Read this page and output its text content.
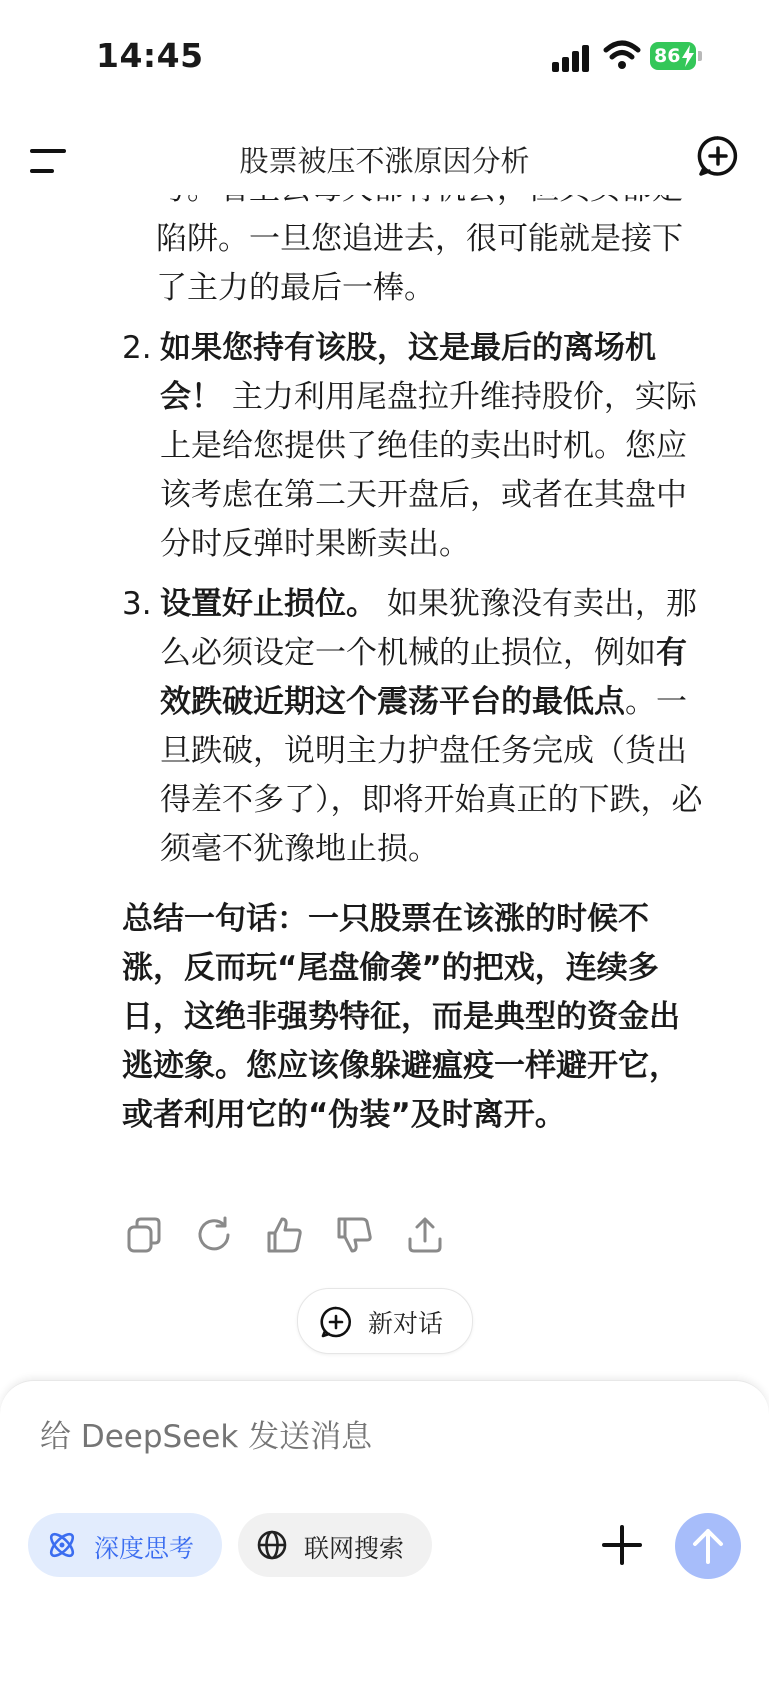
14:45	86
股票被压不涨原因分析
陷阱。一旦您追进去，很可能就是接下
了主力的最后一棒。
2. 如果您持有该股，这是最后的离场机
会！ 主力利用尾盘拉升维持股价，实际
上是给您提供了绝佳的卖出时机。您应
该考虑在第二天开盘后，或者在其盘中
分时反弹时果断卖出。
3. 设置好止损位。 如果犹豫没有卖出，那
么必须设定一个机械的止损位，例如有
效跌破近期这个震荡平台的最低点。一
旦跌破，说明主力护盘任务完成（货出
得差不多了），即将开始真正的下跌，必
须毫不犹豫地止损。
总结一句话：一只股票在该涨的时候不
涨，反而玩“尾盘偷袭”的把戏，连续多
日，这绝非强势特征，而是典型的资金出
逃迹象。您应该像躲避瘟疫一样避开它，
或者利用它的“伪装”及时离开。
新对话
给 DeepSeek 发送消息
深度思考	联网搜索
